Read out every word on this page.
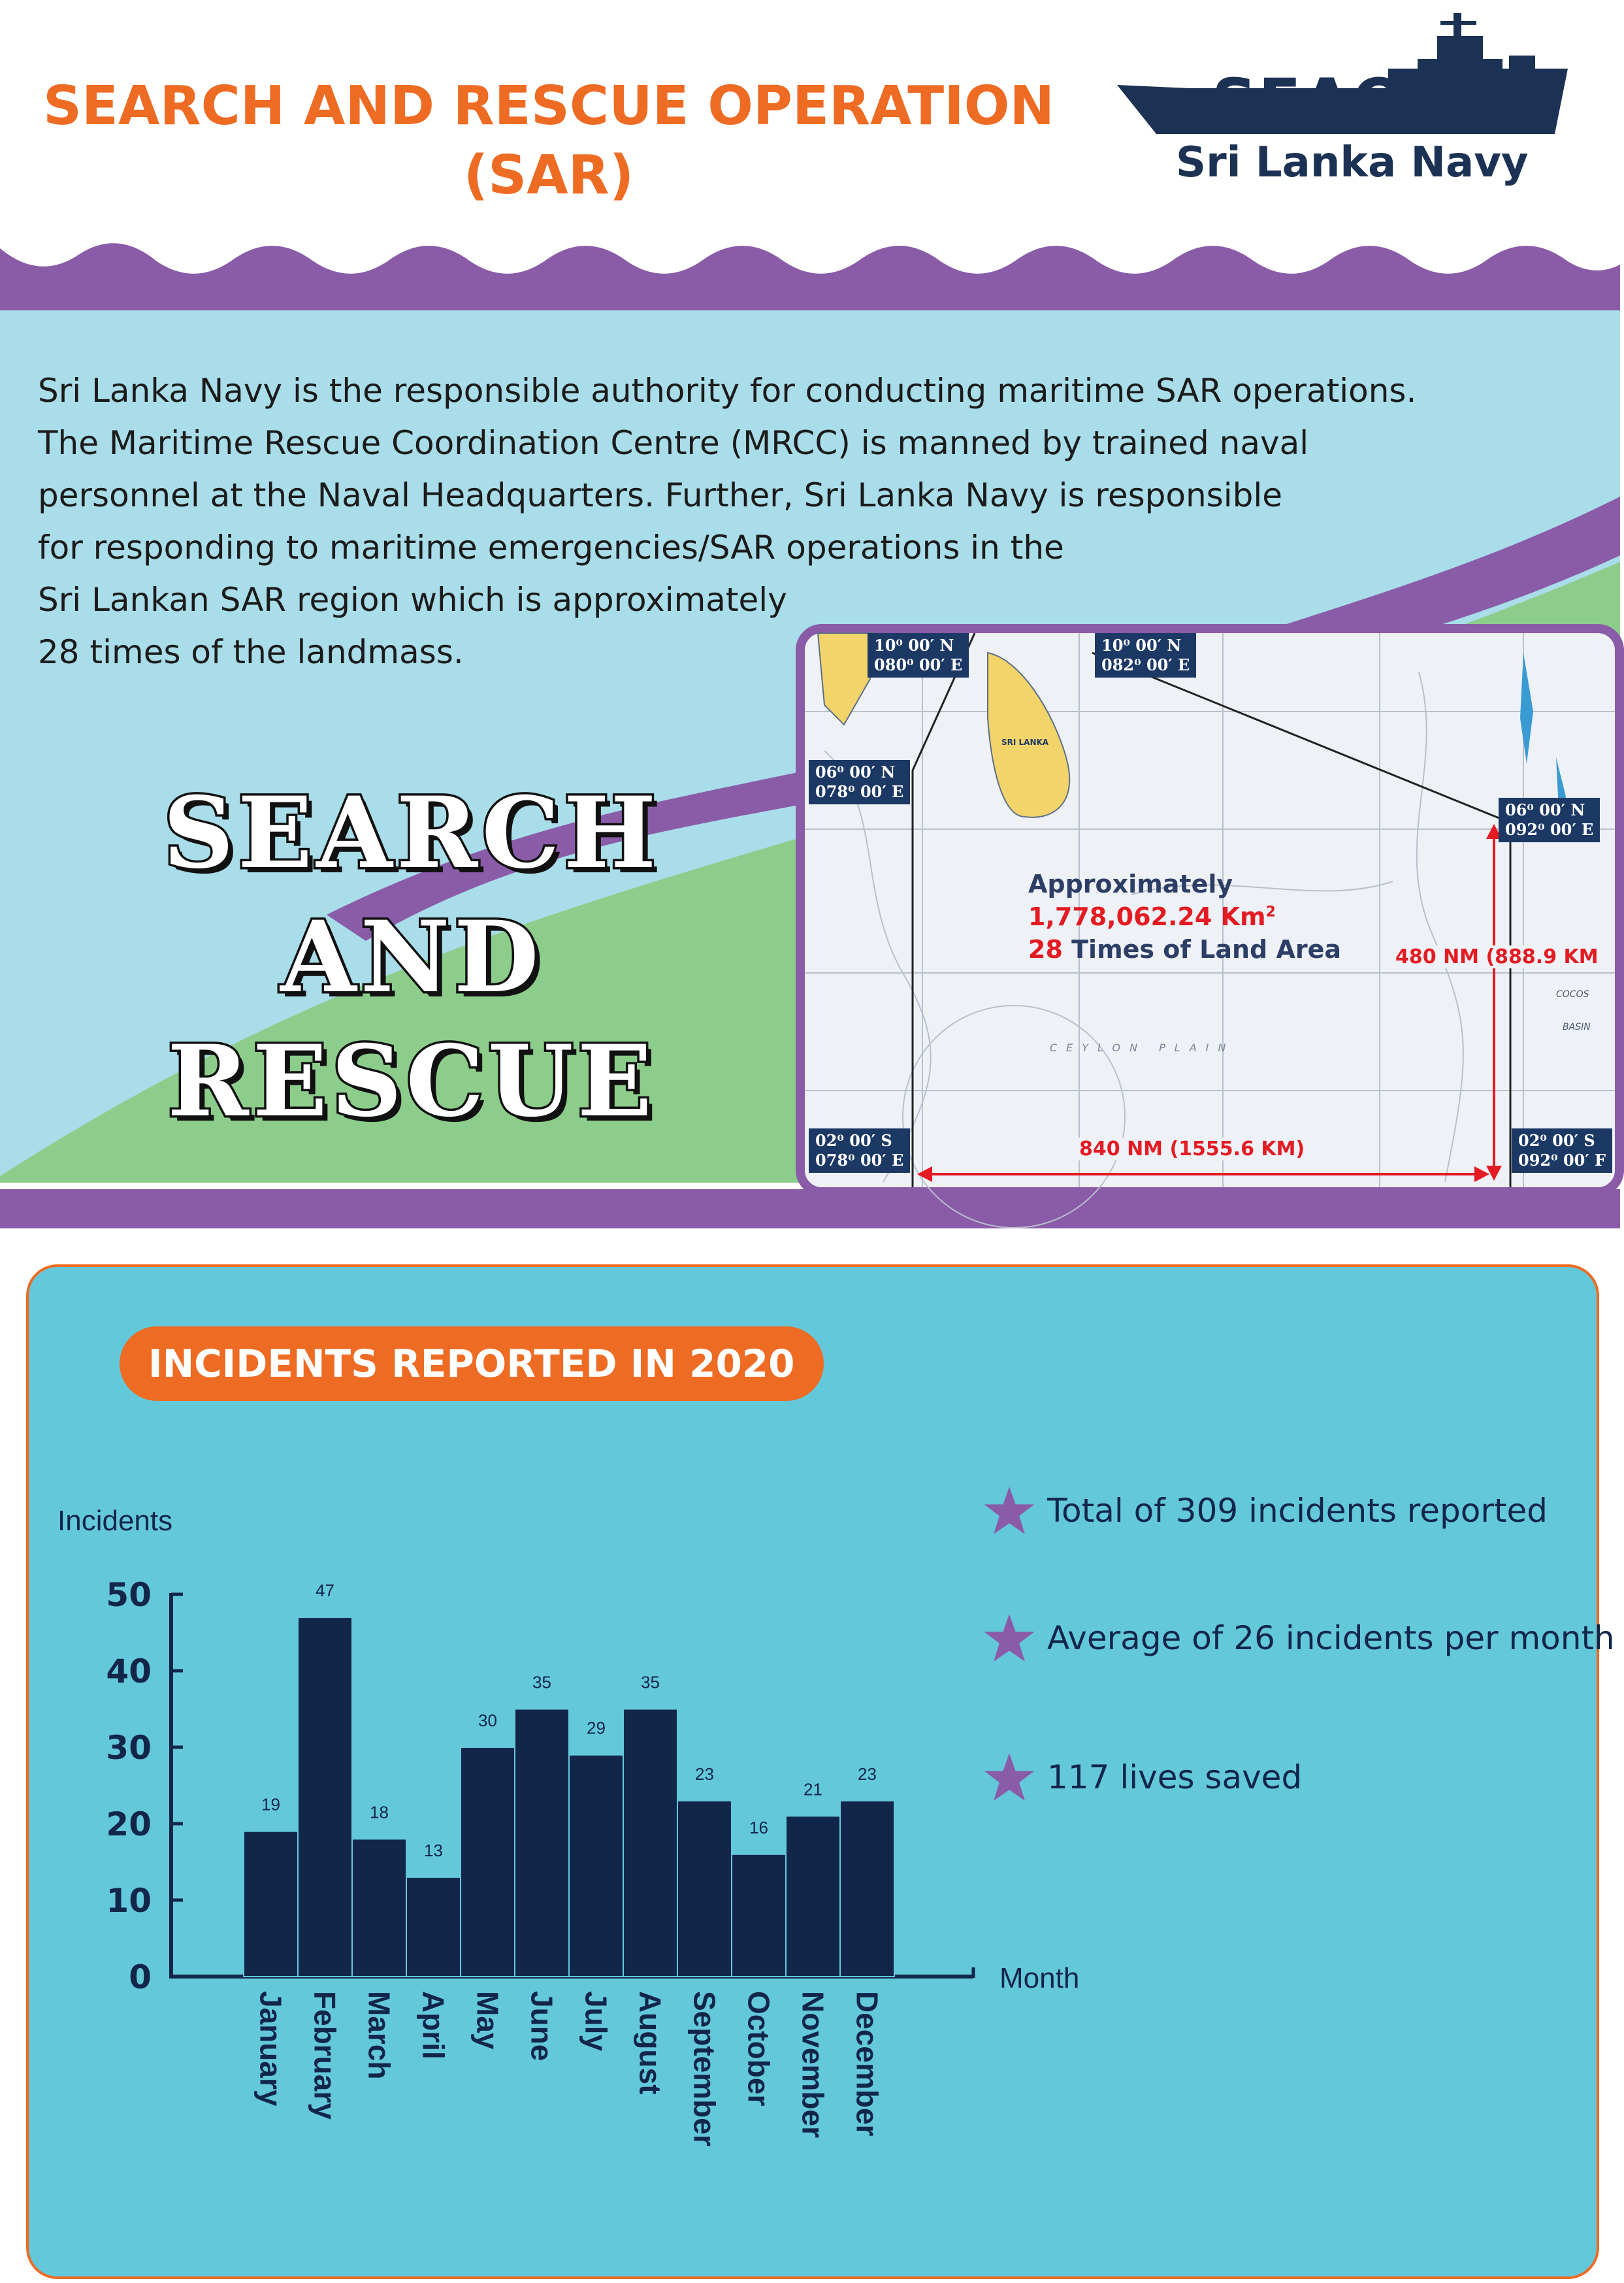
SEARCH AND RESCUE OPERATION
(SAR)
SEAOPS
Sri Lanka Navy
Sri Lanka Navy is the responsible authority for conducting maritime SAR operations.
The Maritime Rescue Coordination Centre (MRCC) is manned by trained naval
personnel at the Naval Headquarters. Further, Sri Lanka Navy is responsible
for responding to maritime emergencies/SAR operations in the
Sri Lankan SAR region which is approximately
28 times of the landmass.
SEARCH
AND
RESCUE
10⁰ 00′ N
080⁰ 00′ E
10⁰ 00′ N
082⁰ 00′ E
06⁰ 00′ N
078⁰ 00′ E
06⁰ 00′ N
092⁰ 00′ E
02⁰ 00′ S
078⁰ 00′ E
02⁰ 00′ S
092⁰ 00′ F
SRI LANKA
COCOS
BASIN
CEYLON PLAIN
Approximately
1,778,062.24 Km$^2$
28 Times of Land Area	480 NM (888.9 KM
840 NM (1555.6 KM)
INCIDENTS REPORTED IN 2020
Incidents
Month
0
10
20
30
40
50
19
January
47
February
18
March
13
April
30
May
35
June
29
July
35
August
23
September
16
October
21
November
23
December
Total of 309 incidents reported
Average of 26 incidents per month
117 lives saved
